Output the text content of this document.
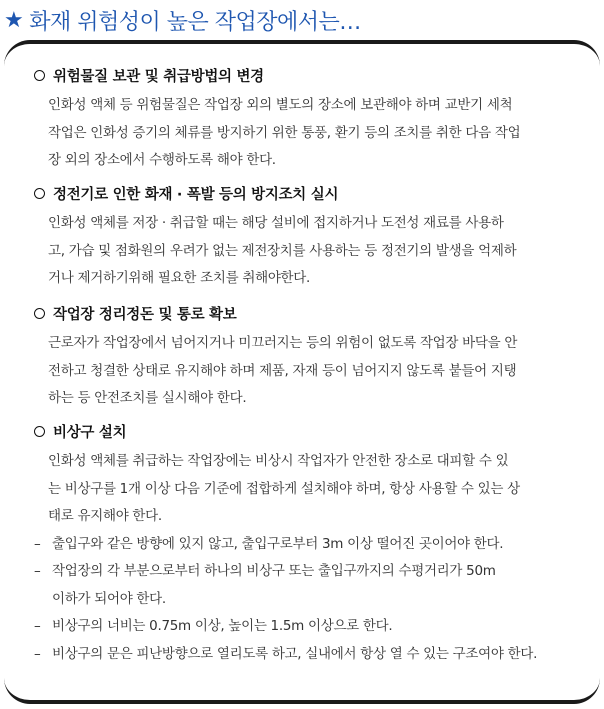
★ 화재 위험성이 높은 작업장에서는…
위험물질 보관 및 취급방법의 변경
인화성 액체 등 위험물질은 작업장 외의 별도의 장소에 보관해야 하며 교반기 세척
작업은 인화성 증기의 체류를 방지하기 위한 통풍, 환기 등의 조치를 취한 다음 작업
장 외의 장소에서 수행하도록 해야 한다.
정전기로 인한 화재 · 폭발 등의 방지조치 실시
인화성 액체를 저장 · 취급할 때는 해당 설비에 접지하거나 도전성 재료를 사용하
고, 가습 및 점화원의 우려가 없는 제전장치를 사용하는 등 정전기의 발생을 억제하
거나 제거하기위해 필요한 조치를 취해야한다.
작업장 정리정돈 및 통로 확보
근로자가 작업장에서 넘어지거나 미끄러지는 등의 위험이 없도록 작업장 바닥을 안
전하고 청결한 상태로 유지해야 하며 제품, 자재 등이 넘어지지 않도록 붙들어 지탱
하는 등 안전조치를 실시해야 한다.
비상구 설치
인화성 액체를 취급하는 작업장에는 비상시 작업자가 안전한 장소로 대피할 수 있
는 비상구를 1개 이상 다음 기준에 접합하게 설치해야 하며, 항상 사용할 수 있는 상
태로 유지해야 한다.
– 출입구와 같은 방향에 있지 않고, 출입구로부터 3m 이상 떨어진 곳이어야 한다.
– 작업장의 각 부분으로부터 하나의 비상구 또는 출입구까지의 수평거리가 50m
이하가 되어야 한다.
– 비상구의 너비는 0.75m 이상, 높이는 1.5m 이상으로 한다.
– 비상구의 문은 피난방향으로 열리도록 하고, 실내에서 항상 열 수 있는 구조여야 한다.
